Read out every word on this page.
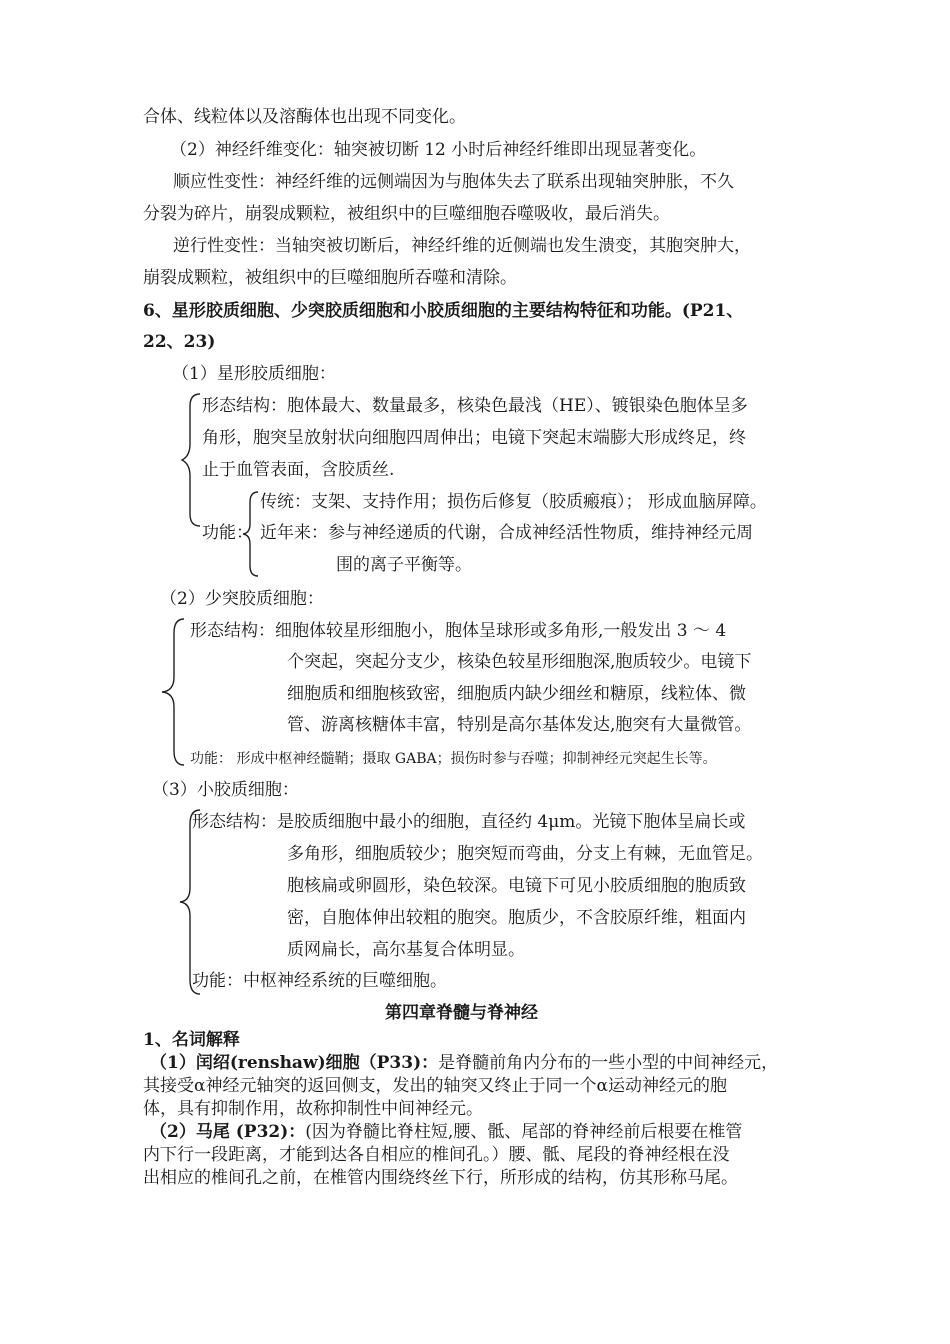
合体、线粒体以及溶酶体也出现不同变化。
（2）神经纤维变化：轴突被切断 12 小时后神经纤维即出现显著变化。
顺应性变性：神经纤维的远侧端因为与胞体失去了联系出现轴突肿胀，不久
分裂为碎片，崩裂成颗粒，被组织中的巨噬细胞吞噬吸收，最后消失。
逆行性变性：当轴突被切断后，神经纤维的近侧端也发生溃变，其胞突肿大，
崩裂成颗粒，被组织中的巨噬细胞所吞噬和清除。
6、星形胶质细胞、少突胶质细胞和小胶质细胞的主要结构特征和功能。(P21、
22、23)
（1）星形胶质细胞：
形态结构：胞体最大、数量最多，核染色最浅（HE）、镀银染色胞体呈多
角形，胞突呈放射状向细胞四周伸出；电镜下突起末端膨大形成终足，终
止于血管表面，含胶质丝.
功能：
传统：支架、支持作用；损伤后修复（胶质瘢痕）； 形成血脑屏障。
近年来：参与神经递质的代谢，合成神经活性物质，维持神经元周
围的离子平衡等。
（2）少突胶质细胞：
形态结构：细胞体较星形细胞小，胞体呈球形或多角形,一般发出 3 ～ 4
个突起，突起分支少，核染色较星形细胞深,胞质较少。电镜下
细胞质和细胞核致密，细胞质内缺少细丝和糖原，线粒体、微
管、游离核糖体丰富，特别是高尔基体发达,胞突有大量微管。
功能： 形成中枢神经髓鞘；摄取 GABA；损伤时参与吞噬；抑制神经元突起生长等。
（3）小胶质细胞：
形态结构：是胶质细胞中最小的细胞，直径约 4μm。光镜下胞体呈扁长或
多角形，细胞质较少；胞突短而弯曲，分支上有棘，无血管足。
胞核扁或卵圆形，染色较深。电镜下可见小胶质细胞的胞质致
密，自胞体伸出较粗的胞突。胞质少，不含胶原纤维，粗面内
质网扁长，高尔基复合体明显。
功能：中枢神经系统的巨噬细胞。
第四章脊髓与脊神经
1、名词解释
（1）闰绍(renshaw)细胞（P33)：是脊髓前角内分布的一些小型的中间神经元，
其接受α神经元轴突的返回侧支，发出的轴突又终止于同一个α运动神经元的胞
体，具有抑制作用，故称抑制性中间神经元。
（2）马尾 (P32)：(因为脊髓比脊柱短,腰、骶、尾部的脊神经前后根要在椎管
内下行一段距离，才能到达各自相应的椎间孔。）腰、骶、尾段的脊神经根在没
出相应的椎间孔之前，在椎管内围绕终丝下行，所形成的结构，仿其形称马尾。
